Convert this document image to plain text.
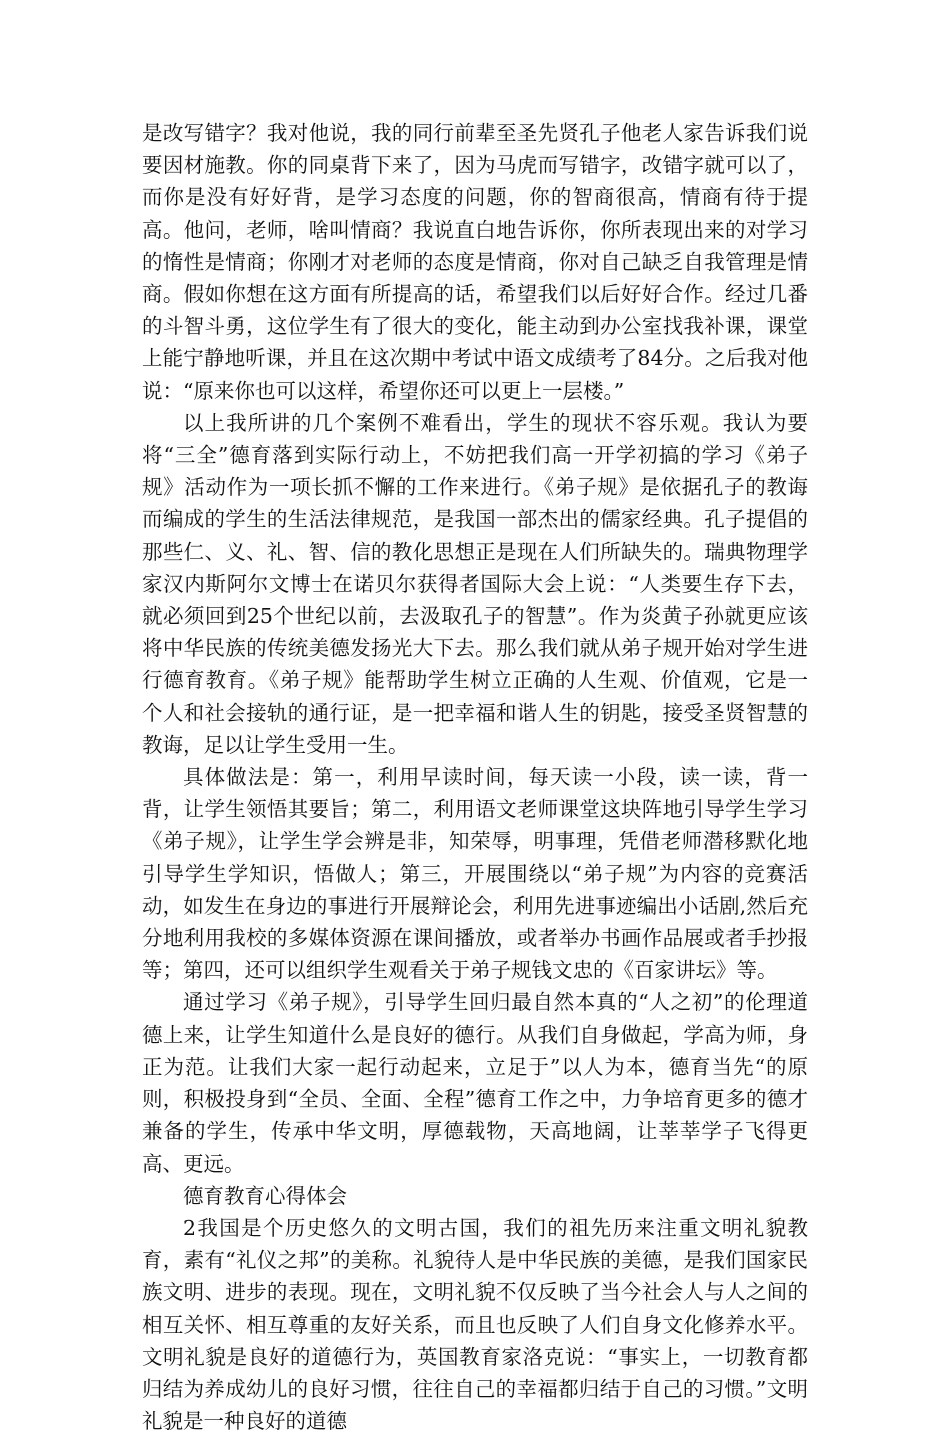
是改写错字？我对他说，我的同行前辈至圣先贤孔子他老人家告诉我们说要因材施教。你的同桌背下来了，因为马虎而写错字，改错字就可以了，而你是没有好好背，是学习态度的问题，你的智商很高，情商有待于提高。他问，老师，啥叫情商？我说直白地告诉你，你所表现出来的对学习的惰性是情商；你刚才对老师的态度是情商，你对自己缺乏自我管理是情商。假如你想在这方面有所提高的话，希望我们以后好好合作。经过几番的斗智斗勇，这位学生有了很大的变化，能主动到办公室找我补课，课堂上能宁静地听课，并且在这次期中考试中语文成绩考了84分。之后我对他说：“原来你也可以这样，希望你还可以更上一层楼。”

以上我所讲的几个案例不难看出，学生的现状不容乐观。我认为要将“三全”德育落到实际行动上，不妨把我们高一开学初搞的学习《弟子规》活动作为一项长抓不懈的工作来进行。《弟子规》是依据孔子的教诲而编成的学生的生活法律规范，是我国一部杰出的儒家经典。孔子提倡的那些仁、义、礼、智、信的教化思想正是现在人们所缺失的。瑞典物理学家汉内斯阿尔文博士在诺贝尔获得者国际大会上说：“人类要生存下去，就必须回到25个世纪以前，去汲取孔子的智慧”。作为炎黄子孙就更应该将中华民族的传统美德发扬光大下去。那么我们就从弟子规开始对学生进行德育教育。《弟子规》能帮助学生树立正确的人生观、价值观，它是一个人和社会接轨的通行证，是一把幸福和谐人生的钥匙，接受圣贤智慧的教诲，足以让学生受用一生。

具体做法是：第一，利用早读时间，每天读一小段，读一读，背一背，让学生领悟其要旨；第二，利用语文老师课堂这块阵地引导学生学习《弟子规》，让学生学会辨是非，知荣辱，明事理，凭借老师潜移默化地引导学生学知识，悟做人；第三，开展围绕以“弟子规”为内容的竞赛活动，如发生在身边的事进行开展辩论会，利用先进事迹编出小话剧,然后充分地利用我校的多媒体资源在课间播放，或者举办书画作品展或者手抄报等；第四，还可以组织学生观看关于弟子规钱文忠的《百家讲坛》等。

通过学习《弟子规》，引导学生回归最自然本真的“人之初”的伦理道德上来，让学生知道什么是良好的德行。从我们自身做起，学高为师，身正为范。让我们大家一起行动起来，立足于”以人为本，德育当先“的原则，积极投身到“全员、全面、全程”德育工作之中，力争培育更多的德才兼备的学生，传承中华文明，厚德载物，天高地阔，让莘莘学子飞得更高、更远。

德育教育心得体会

2我国是个历史悠久的文明古国，我们的祖先历来注重文明礼貌教育，素有“礼仪之邦”的美称。礼貌待人是中华民族的美德，是我们国家民族文明、进步的表现。现在，文明礼貌不仅反映了当今社会人与人之间的相互关怀、相互尊重的友好关系，而且也反映了人们自身文化修养水平。文明礼貌是良好的道德行为，英国教育家洛克说：“事实上，一切教育都归结为养成幼儿的良好习惯，往往自己的幸福都归结于自己的习惯。”文明礼貌是一种良好的道德
